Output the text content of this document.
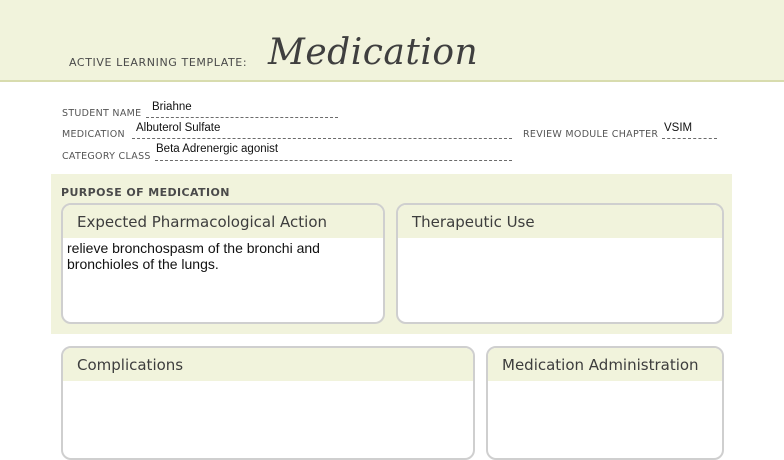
ACTIVE LEARNING TEMPLATE: Medication
STUDENT NAME
Briahne
MEDICATION
Albuterol Sulfate
REVIEW MODULE CHAPTER
VSIM
CATEGORY CLASS
Beta Adrenergic agonist
PURPOSE OF MEDICATION
Expected Pharmacological Action
relieve bronchospasm of the bronchi and bronchioles of the lungs.
Therapeutic Use
Complications	Medication Administration
